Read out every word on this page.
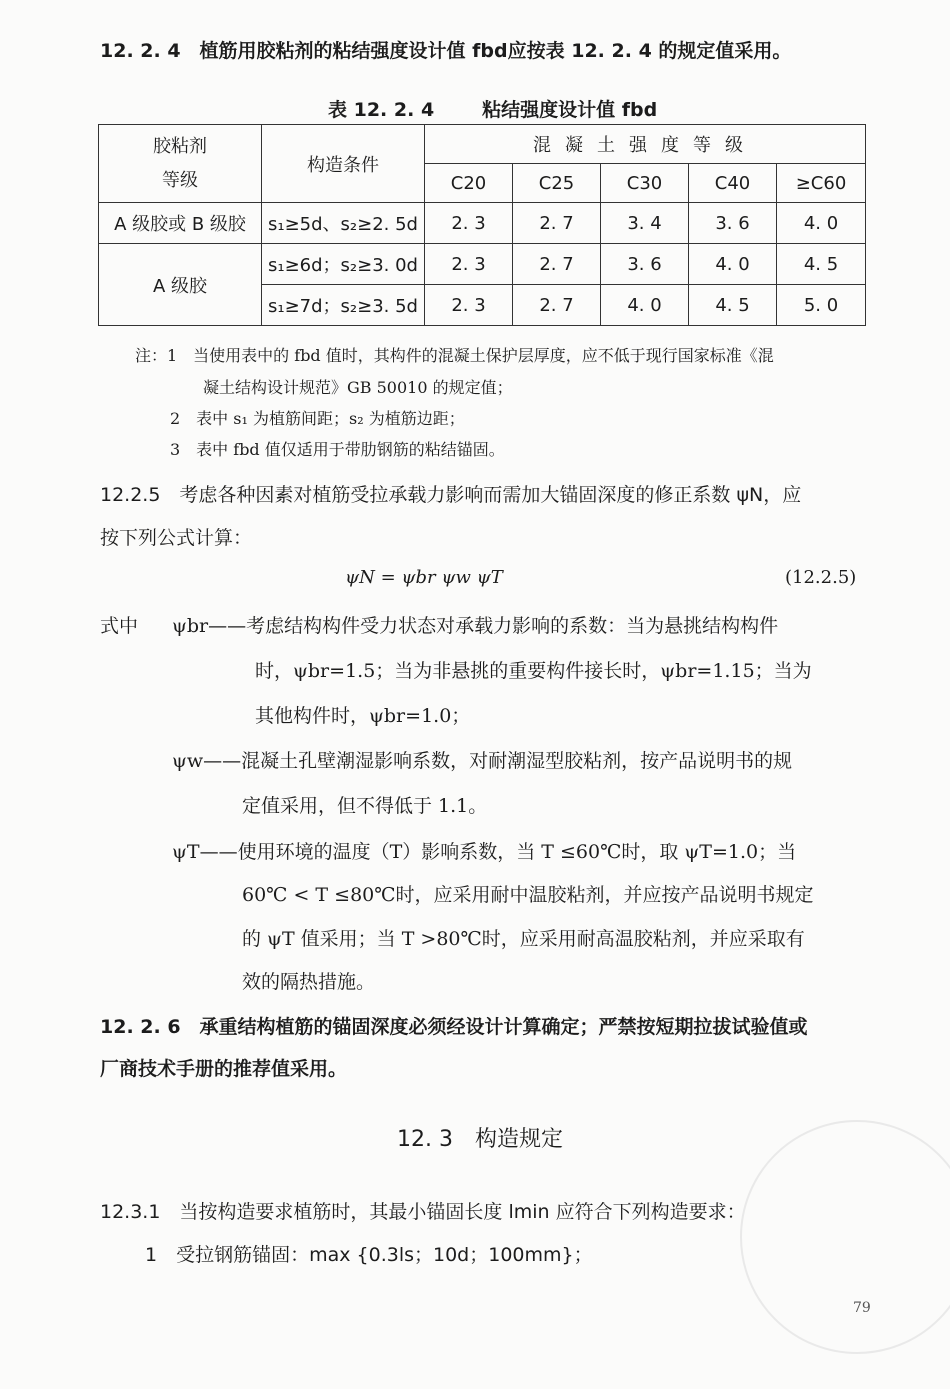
12. 2. 4　植筋用胶粘剂的粘结强度设计值 fbd应按表 12. 2. 4 的规定值采用。
表 12. 2. 4	粘结强度设计值 fbd
胶粘剂
等级	构造条件	混凝土强度等级				
		C20	C25	C30	C40	≥C60
A 级胶或 B 级胶	s₁≥5d、s₂≥2. 5d	2. 3	2. 7	3. 4	3. 6	4. 0
A 级胶	s₁≥6d；s₂≥3. 0d	2. 3	2. 7	3. 6	4. 0	4. 5
	s₁≥7d；s₂≥3. 5d	2. 3	2. 7	4. 0	4. 5	5. 0
注：1　当使用表中的 fbd 值时，其构件的混凝土保护层厚度，应不低于现行国家标准《混
凝土结构设计规范》GB 50010 的规定值；
2　表中 s₁ 为植筋间距；s₂ 为植筋边距；
3　表中 fbd 值仅适用于带肋钢筋的粘结锚固。
12.2.5　考虑各种因素对植筋受拉承载力影响而需加大锚固深度的修正系数 ψN，应
按下列公式计算：
ψN = ψbr ψw ψT	(12.2.5)
式中 ψbr——考虑结构构件受力状态对承载力影响的系数：当为悬挑结构构件
时，ψbr=1.5；当为非悬挑的重要构件接长时，ψbr=1.15；当为
其他构件时，ψbr=1.0；
ψw——混凝土孔壁潮湿影响系数，对耐潮湿型胶粘剂，按产品说明书的规
定值采用，但不得低于 1.1。
ψT——使用环境的温度（T）影响系数，当 T ≤60℃时，取 ψT=1.0；当
60℃ < T ≤80℃时，应采用耐中温胶粘剂，并应按产品说明书规定
的 ψT 值采用；当 T >80℃时，应采用耐高温胶粘剂，并应采取有
效的隔热措施。
12. 2. 6　承重结构植筋的锚固深度必须经设计计算确定；严禁按短期拉拔试验值或
厂商技术手册的推荐值采用。
12. 3 构造规定
12.3.1　当按构造要求植筋时，其最小锚固长度 lmin 应符合下列构造要求：
1　受拉钢筋锚固：max {0.3ls；10d；100mm}；
79
